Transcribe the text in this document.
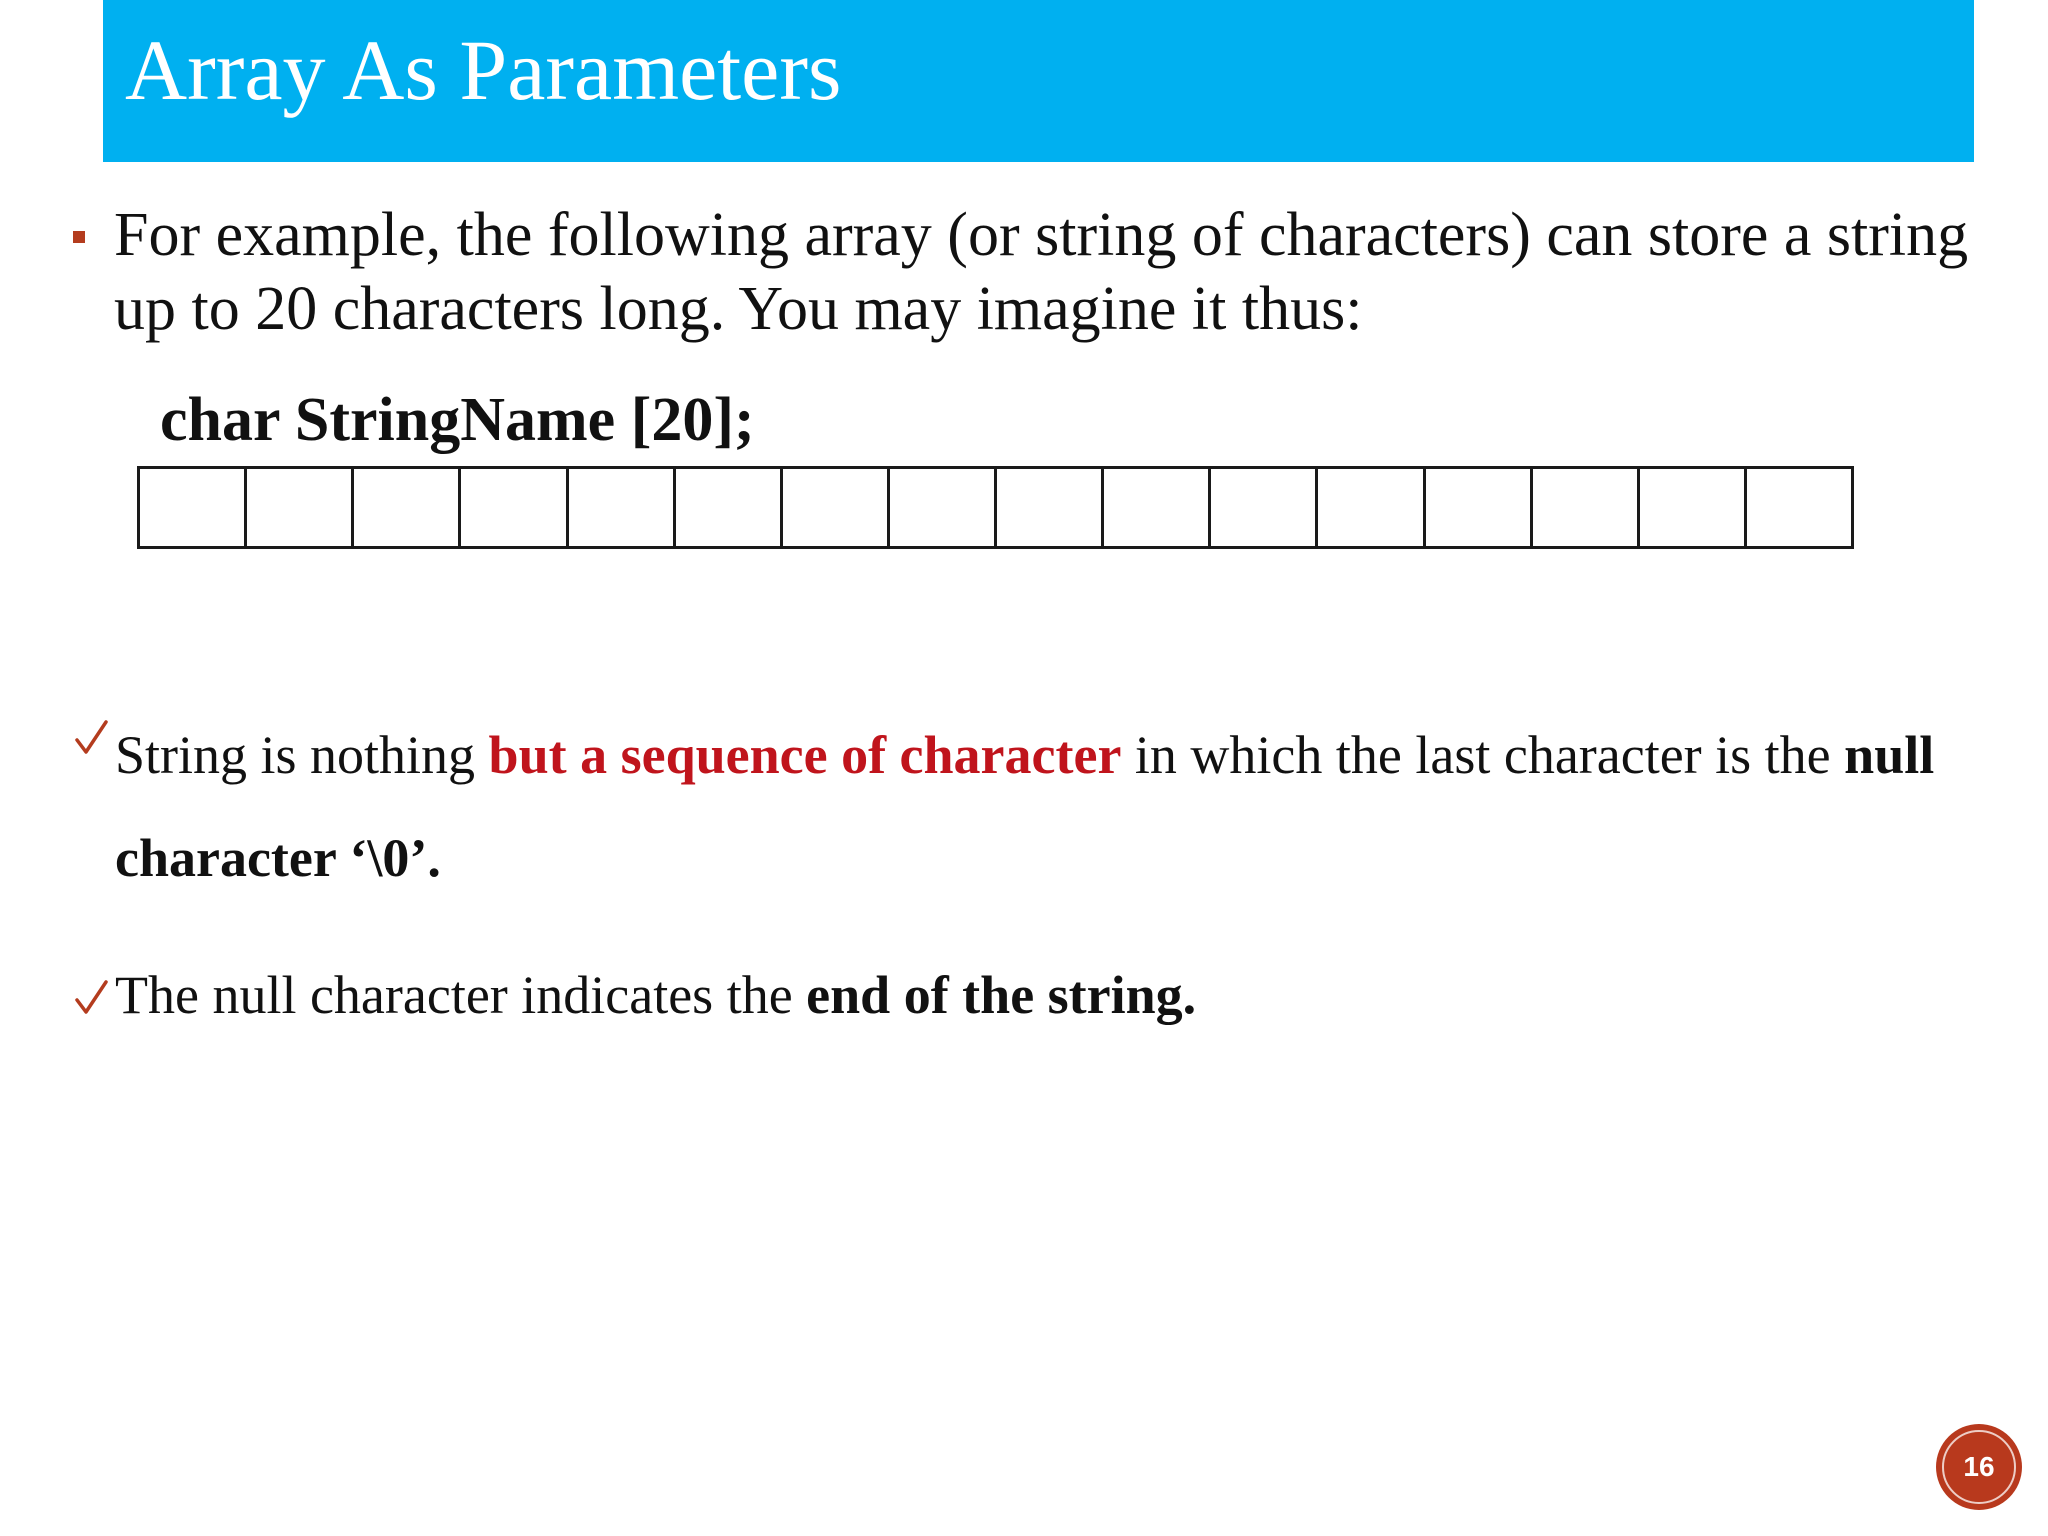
Array As Parameters
For example, the following array (or string of characters) can store a string up to 20 characters long. You may imagine it thus:
char StringName [20];
String is nothing but a sequence of character in which the last character is the null character ‘\0’.
The null character indicates the end of the string.
16
